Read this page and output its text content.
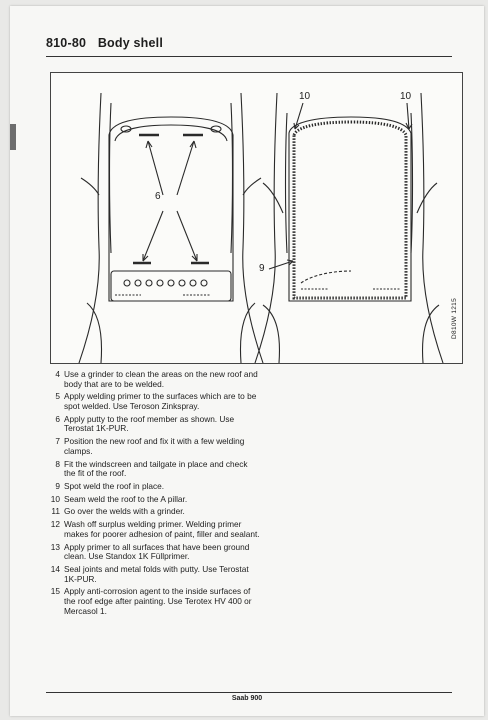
810-80 Body shell
6
10	10
9
D810W 1215
4 Use a grinder to clean the areas on the new roof and body that are to be welded.
5 Apply welding primer to the surfaces which are to be spot welded. Use Teroson Zinkspray.
6 Apply putty to the roof member as shown. Use Terostat 1K-PUR.
7 Position the new roof and fix it with a few welding clamps.
8 Fit the windscreen and tailgate in place and check the fit of the roof.
9 Spot weld the roof in place.
10 Seam weld the roof to the A pillar.
11 Go over the welds with a grinder.
12 Wash off surplus welding primer. Welding primer makes for poorer adhesion of paint, filler and sealant.
13 Apply primer to all surfaces that have been ground clean. Use Standox 1K Füllprimer.
14 Seal joints and metal folds with putty. Use Terostat 1K-PUR.
15 Apply anti-corrosion agent to the inside surfaces of the roof edge after painting. Use Terotex HV 400 or Mercasol 1.
Saab 900
